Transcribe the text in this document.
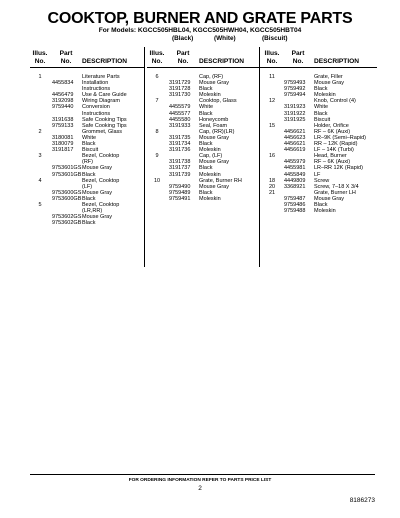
COOKTOP, BURNER AND GRATE PARTS
For Models: KGCC505HBL04, KGCC505HWH04, KGCC505HBT04
(Black)	(White)	(Biscuit)
Illus.
No.
Part
No.	DESCRIPTION
1	Literature Parts
4455834 Installation
Instructions
4456479 Use & Care Guide
3192098 Wiring Diagram
9759440 Conversion
Instructions
3191638 Safe Cooking Tips
9759133 Safe Cooking Tips
2	Grommet, Glass
3180081 White
3180079 Black
3191817 Biscuit
3	Bezel, Cooktop
(RF)
9753601GS Mouse Gray
9753601GB Black
4	Bezel, Cooktop
(LF)
9753600GS Mouse Gray
9753600GB Black
5	Bezel, Cooktop
(LR,RR)
9753602GS Mouse Gray
9753602GB Black
Illus.
No.
Part
No.	DESCRIPTION
6	Cap, (RF)
3191729 Mouse Gray
3191728 Black
3191730 Moleskin
7	Cooktop, Glass
4455579 White
4455577 Black
4455580 Honeycomb
3191933 Seal, Foam
8	Cap, (RR)(LR)
3191735 Mouse Gray
3191734 Black
3191736 Moleskin
9	Cap, (LF)
3191738 Mouse Gray
3191737 Black
3191739 Moleskin
10	Grate, Burner RH
9759490 Mouse Gray
9759489 Black
9759491 Moleskin
Illus.
No.
Part
No.	DESCRIPTION
11	Grate, Filler
9759493 Mouse Gray
9759492 Black
9759494 Moleskin
12	Knob, Control (4)
3191923 White
3191922 Black
3191925 Biscuit
15	Holder, Orifice
4456621 RF – 6K (Auxi)
4456623 LR–9K (Semi–Rapid)
4456621 RR – 12K (Rapid)
4456619 LF – 14K (Turbi)
16	Head, Burner
4455979 RF – 6K (Auxi)
4455981 LR–RR 12K (Rapid)
4455849 LF
18	4449809 Screw
20	3368921 Screw, 7–18 X 3/4
21	Grate, Burner LH
9759487 Mouse Gray
9759486 Black
9759488 Moleskin
FOR ORDERING INFORMATION REFER TO PARTS PRICE LIST
2
8186273
